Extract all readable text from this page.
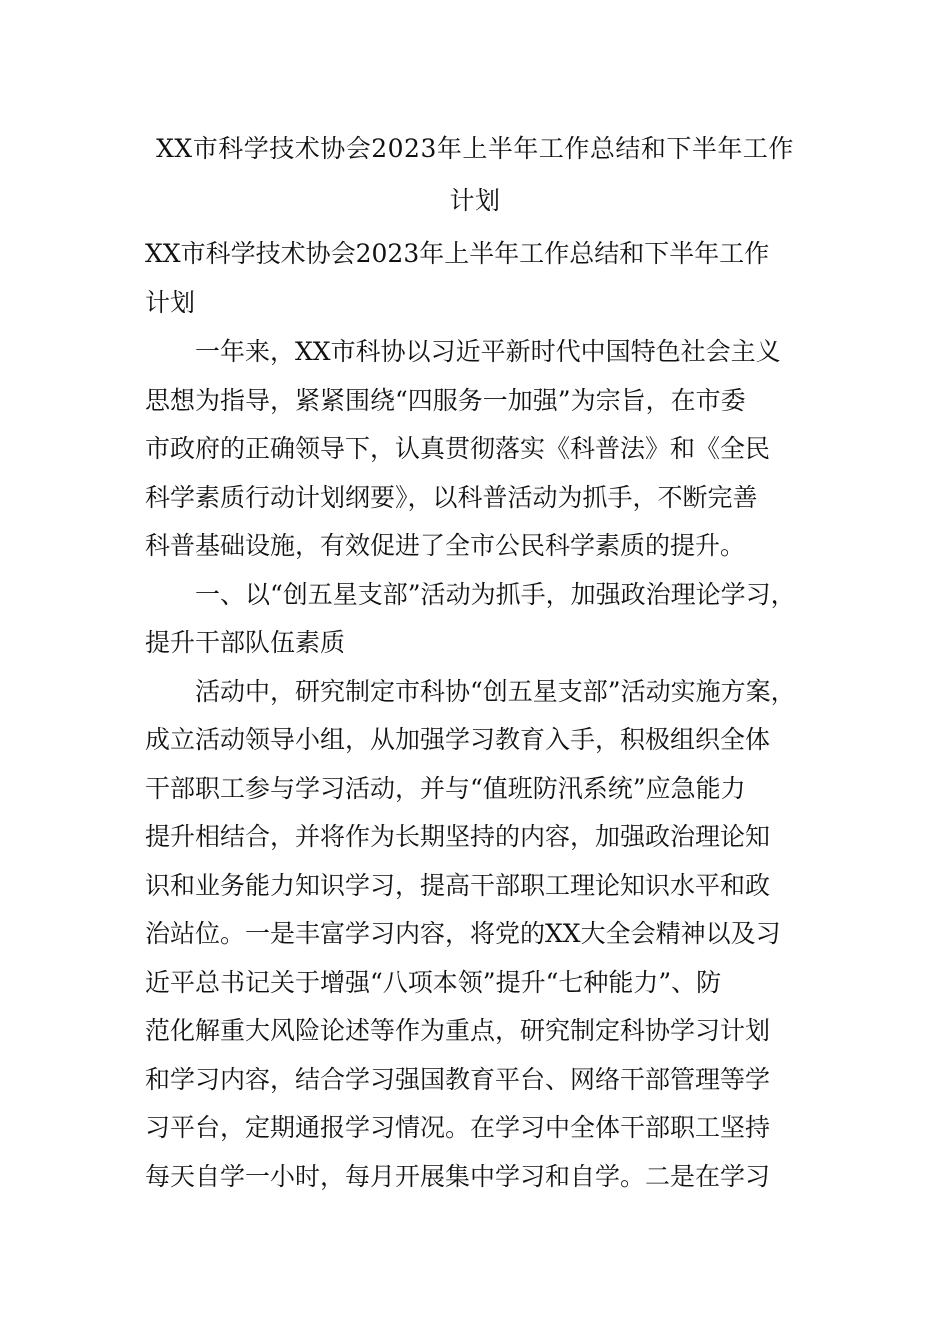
XX市科学技术协会2023年上半年工作总结和下半年工作
计划
XX市科学技术协会2023年上半年工作总结和下半年工作
计划
　　一年来，XX市科协以习近平新时代中国特色社会主义
思想为指导，紧紧围绕“四服务一加强”为宗旨，在市委
市政府的正确领导下，认真贯彻落实《科普法》和《全民
科学素质行动计划纲要》，以科普活动为抓手，不断完善
科普基础设施，有效促进了全市公民科学素质的提升。
　　一、以“创五星支部”活动为抓手，加强政治理论学习，
提升干部队伍素质
　　活动中，研究制定市科协“创五星支部”活动实施方案，
成立活动领导小组，从加强学习教育入手，积极组织全体
干部职工参与学习活动，并与“值班防汛系统”应急能力
提升相结合，并将作为长期坚持的内容，加强政治理论知
识和业务能力知识学习，提高干部职工理论知识水平和政
治站位。一是丰富学习内容，将党的XX大全会精神以及习
近平总书记关于增强“八项本领”提升“七种能力”、防
范化解重大风险论述等作为重点，研究制定科协学习计划
和学习内容，结合学习强国教育平台、网络干部管理等学
习平台，定期通报学习情况。在学习中全体干部职工坚持
每天自学一小时，每月开展集中学习和自学。二是在学习
